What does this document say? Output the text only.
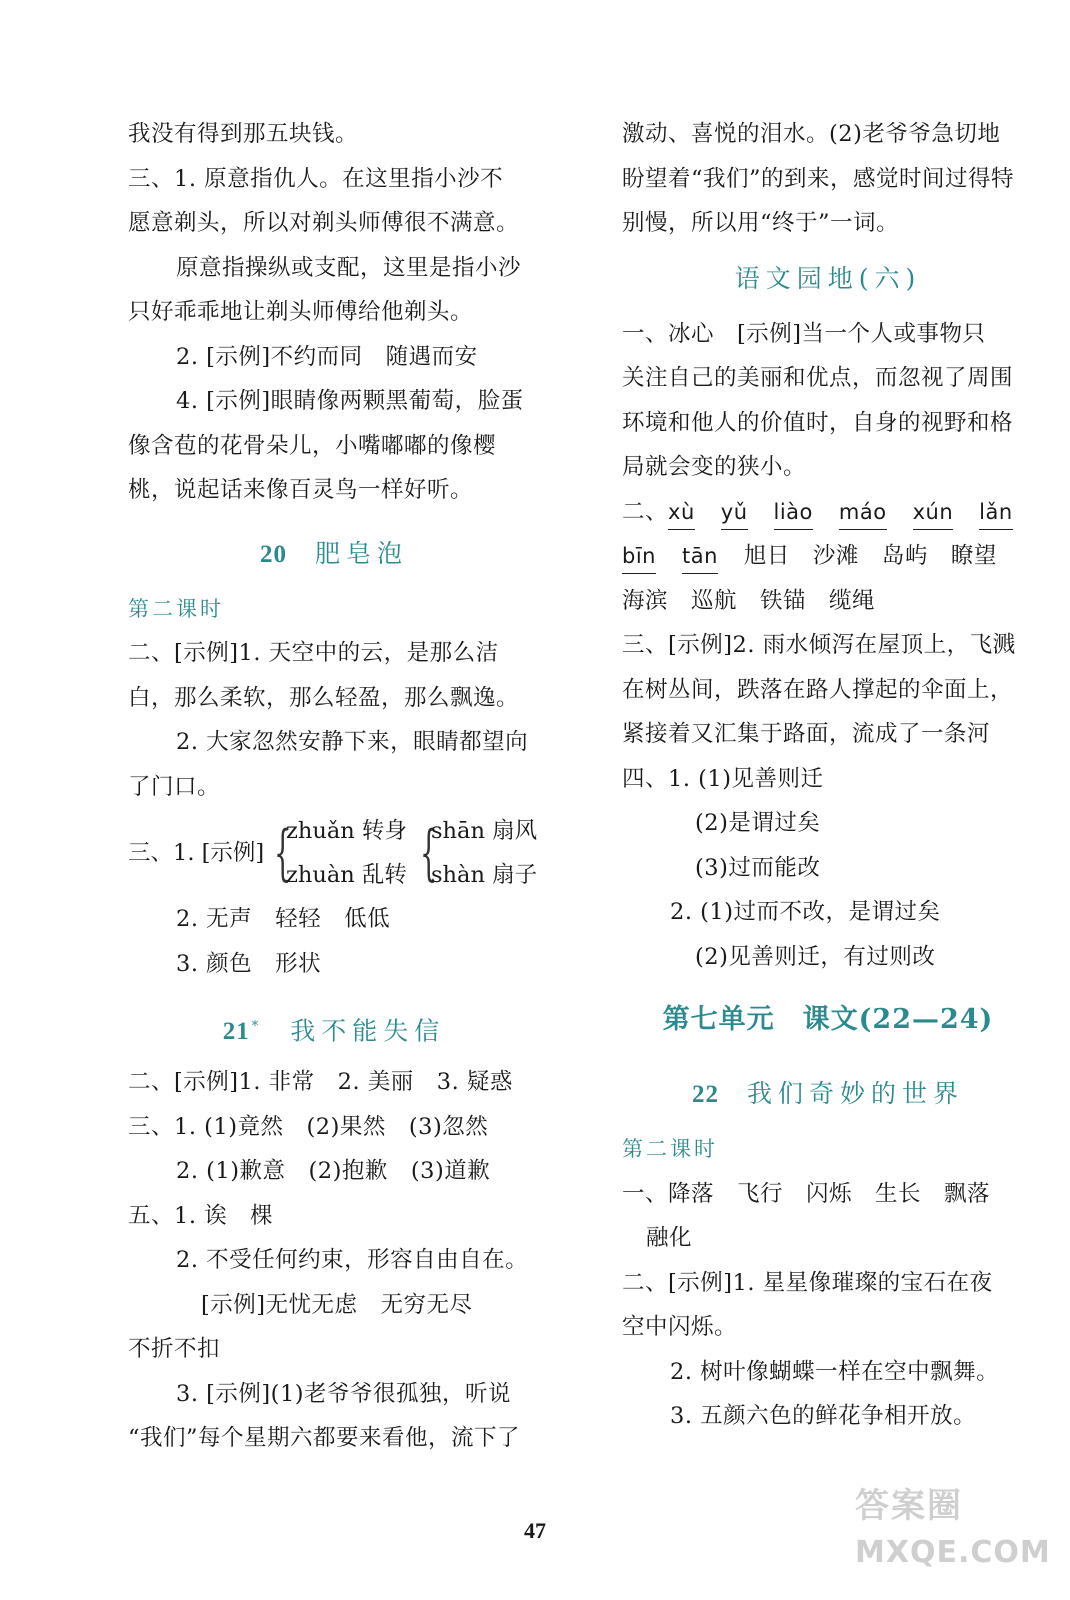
我没有得到那五块钱。
三、1. 原意指仇人。在这里指小沙不
愿意剃头，所以对剃头师傅很不满意。
原意指操纵或支配，这里是指小沙
只好乖乖地让剃头师傅给他剃头。
2. [示例]不约而同　随遇而安
4. [示例]眼睛像两颗黑葡萄，脸蛋
像含苞的花骨朵儿，小嘴嘟嘟的像樱
桃，说起话来像百灵鸟一样好听。
20 肥皂泡
第二课时
二、[示例]1. 天空中的云，是那么洁
白，那么柔软，那么轻盈，那么飘逸。
2. 大家忽然安静下来，眼睛都望向
了门口。
三、1. [示例] {
zhuǎn 转身
zhuàn 乱转 {
shān 扇风
shàn 扇子
2. 无声　轻轻　低低
3. 颜色　形状
21 * 我不能失信
二、[示例]1. 非常　2. 美丽　3. 疑惑
三、1. (1)竟然　(2)果然　(3)忽然
2. (1)歉意　(2)抱歉　(3)道歉
五、1. 诶　棵
2. 不受任何约束，形容自由自在。
[示例]无忧无虑　无穷无尽
不折不扣
3. [示例](1)老爷爷很孤独，听说
“我们”每个星期六都要来看他，流下了
激动、喜悦的泪水。(2)老爷爷急切地
盼望着“我们”的到来，感觉时间过得特
别慢，所以用“终于”一词。
语文园地(六)
一、冰心　[示例]当一个人或事物只
关注自己的美丽和优点，而忽视了周围
环境和他人的价值时，自身的视野和格
局就会变的狭小。
二、xù yǔ liào máo xún lǎn
bīn tān 旭日　沙滩　岛屿　瞭望
海滨　巡航　铁锚　缆绳
三、[示例]2. 雨水倾泻在屋顶上，飞溅
在树丛间，跌落在路人撑起的伞面上，
紧接着又汇集于路面，流成了一条河
四、1. (1)见善则迁
(2)是谓过矣
(3)过而能改
2. (1)过而不改，是谓过矣
(2)见善则迁，有过则改
第七单元　课文(22—24)
22 我们奇妙的世界
第二课时
一、降落　飞行　闪烁　生长　飘落
融化
二、[示例]1. 星星像璀璨的宝石在夜
空中闪烁。
2. 树叶像蝴蝶一样在空中飘舞。
3. 五颜六色的鲜花争相开放。
47
答案圈
MXQE.COM
